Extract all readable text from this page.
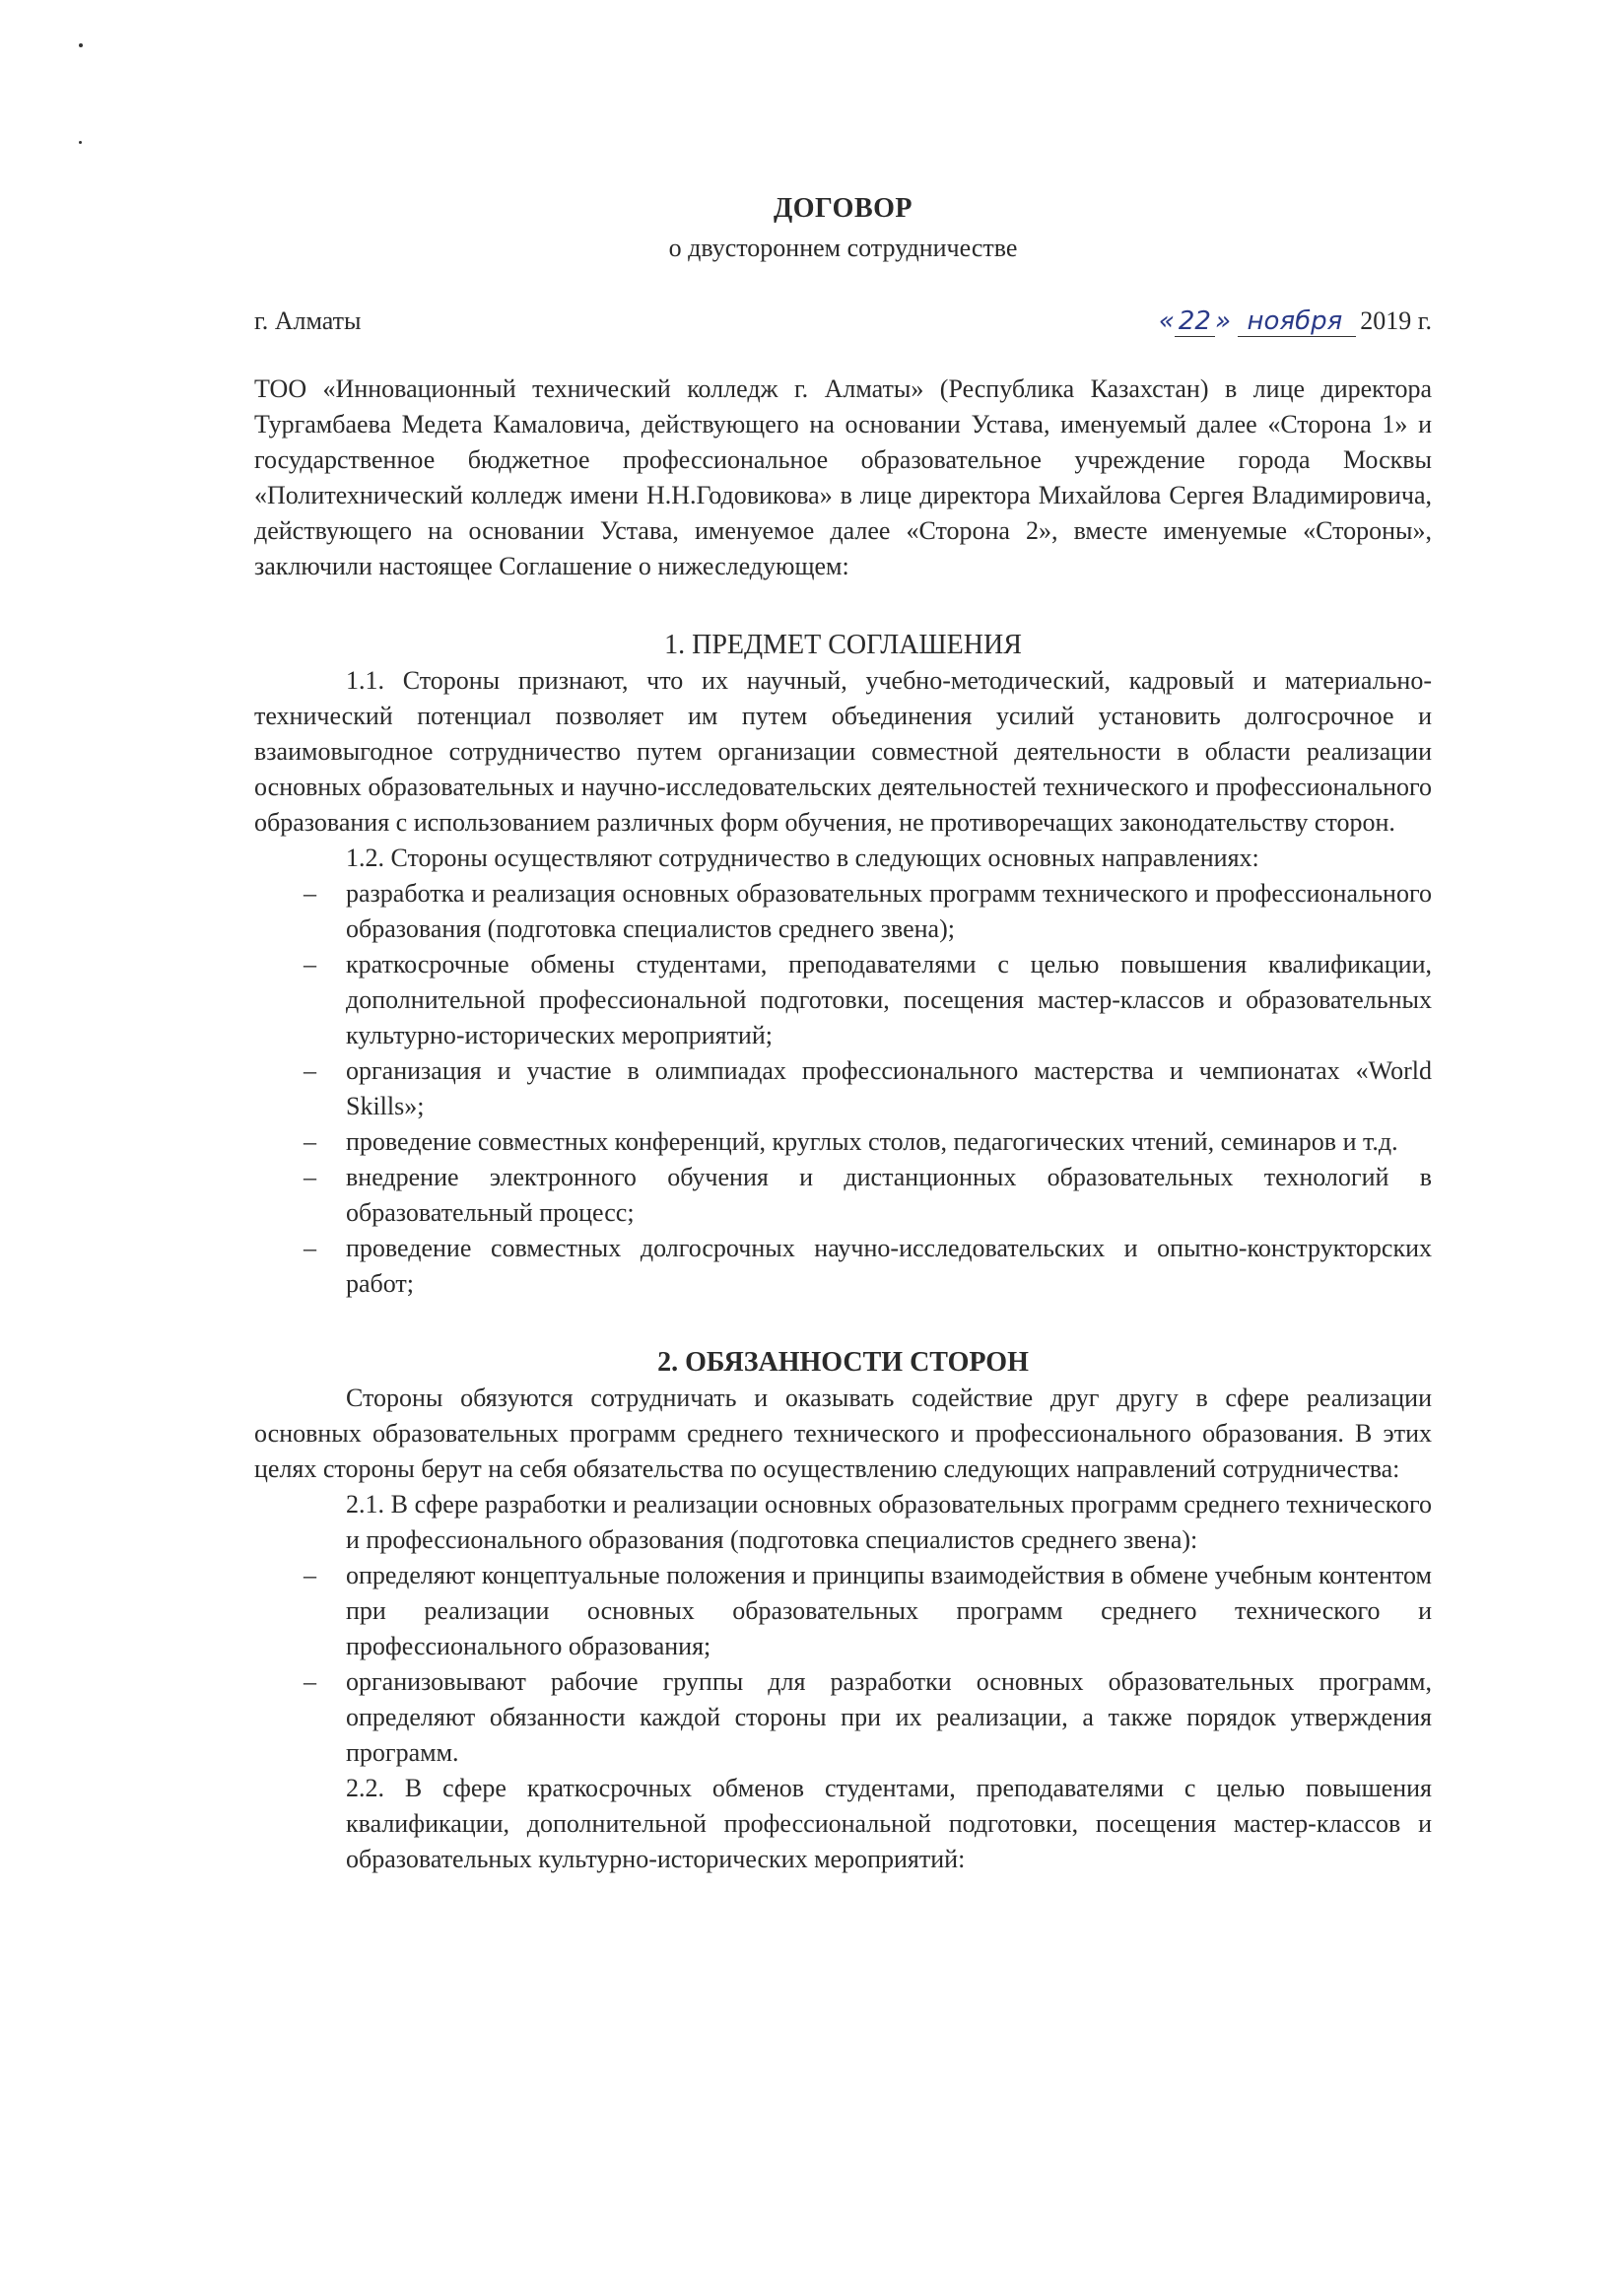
ДОГОВОР
о двустороннем сотрудничестве
г. Алматы	« 22 » ноября 2019 г.

ТОО «Инновационный технический колледж г. Алматы» (Республика Казахстан) в лице директора Тургамбаева Медета Камаловича, действующего на основании Устава, именуемый далее «Сторона 1» и государственное бюджетное профессиональное образовательное учреждение города Москвы «Политехнический колледж имени Н.Н.Годовикова» в лице директора Михайлова Сергея Владимировича, действующего на основании Устава, именуемое далее «Сторона 2», вместе именуемые «Стороны», заключили настоящее Соглашение о нижеследующем:

1. ПРЕДМЕТ СОГЛАШЕНИЯ

1.1. Стороны признают, что их научный, учебно-методический, кадровый и материально-технический потенциал позволяет им путем объединения усилий установить долгосрочное и взаимовыгодное сотрудничество путем организации совместной деятельности в области реализации основных образовательных и научно-исследовательских деятельностей технического и профессионального образования с использованием различных форм обучения, не противоречащих законодательству сторон.

1.2. Стороны осуществляют сотрудничество в следующих основных направлениях:

– разработка и реализация основных образовательных программ технического и профессионального образования (подготовка специалистов среднего звена);
– краткосрочные обмены студентами, преподавателями с целью повышения квалификации, дополнительной профессиональной подготовки, посещения мастер-классов и образовательных культурно-исторических мероприятий;
– организация и участие в олимпиадах профессионального мастерства и чемпионатах «World Skills»;
– проведение совместных конференций, круглых столов, педагогических чтений, семинаров и т.д.
– внедрение электронного обучения и дистанционных образовательных технологий в образовательный процесс;
– проведение совместных долгосрочных научно-исследовательских и опытно-конструкторских работ;
2. ОБЯЗАННОСТИ СТОРОН

Стороны обязуются сотрудничать и оказывать содействие друг другу в сфере реализации основных образовательных программ среднего технического и профессионального образования. В этих целях стороны берут на себя обязательства по осуществлению следующих направлений сотрудничества:

2.1. В сфере разработки и реализации основных образовательных программ среднего технического и профессионального образования (подготовка специалистов среднего звена):

– определяют концептуальные положения и принципы взаимодействия в обмене учебным контентом при реализации основных образовательных программ среднего технического и профессионального образования;
– организовывают рабочие группы для разработки основных образовательных программ, определяют обязанности каждой стороны при их реализации, а также порядок утверждения программ.

2.2. В сфере краткосрочных обменов студентами, преподавателями с целью повышения квалификации, дополнительной профессиональной подготовки, посещения мастер-классов и образовательных культурно-исторических мероприятий:
